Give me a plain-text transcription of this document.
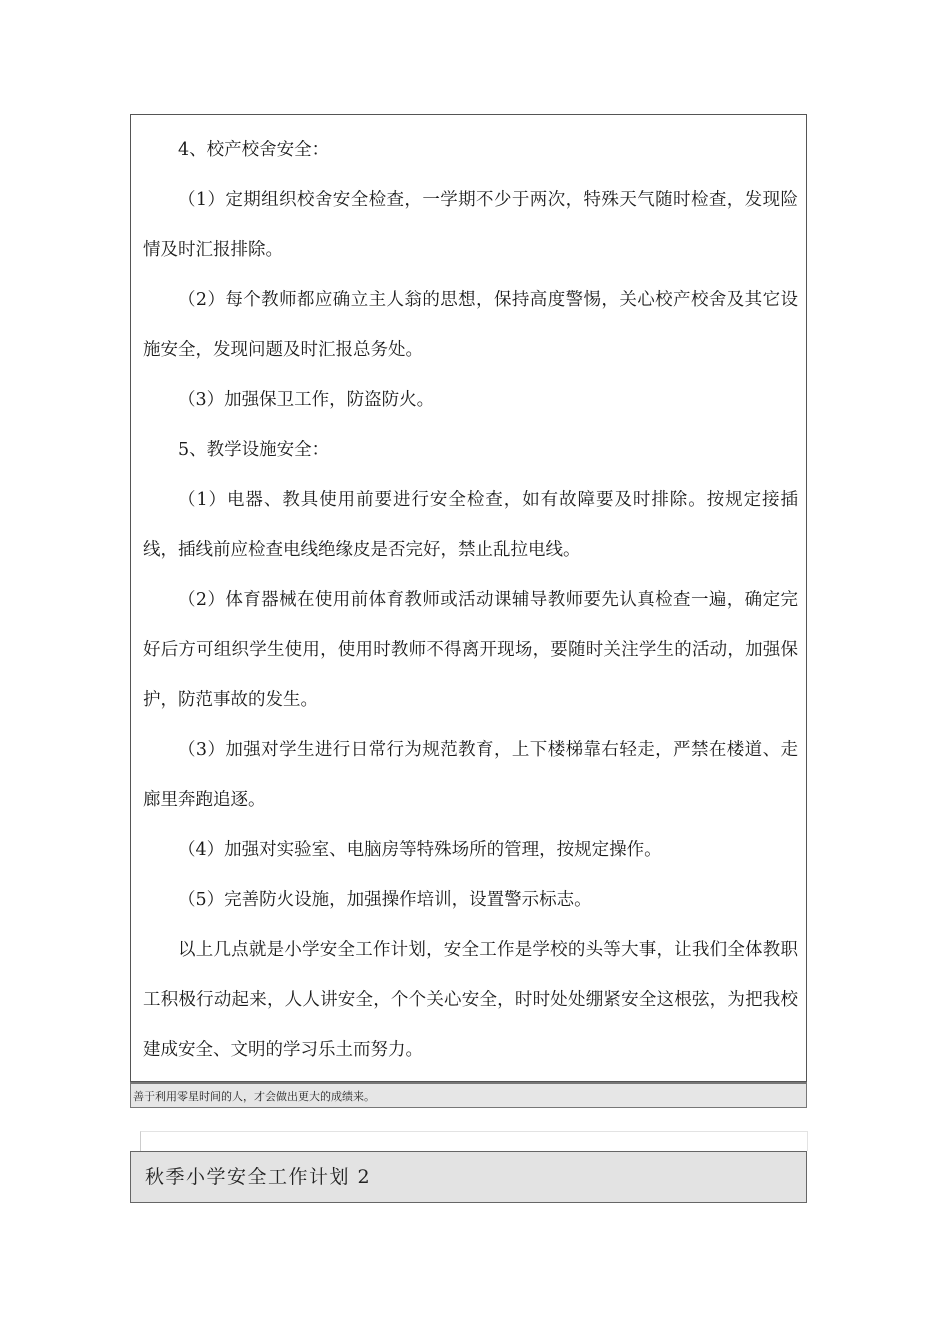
4、校产校舍安全：

（1）定期组织校舍安全检查，一学期不少于两次，特殊天气随时检查，发现险情及时汇报排除。

（2）每个教师都应确立主人翁的思想，保持高度警惕，关心校产校舍及其它设施安全，发现问题及时汇报总务处。

（3）加强保卫工作，防盗防火。

5、教学设施安全：

（1）电器、教具使用前要进行安全检查，如有故障要及时排除。按规定接插线，插线前应检查电线绝缘皮是否完好，禁止乱拉电线。

（2）体育器械在使用前体育教师或活动课辅导教师要先认真检查一遍，确定完好后方可组织学生使用，使用时教师不得离开现场，要随时关注学生的活动，加强保护，防范事故的发生。

（3）加强对学生进行日常行为规范教育，上下楼梯靠右轻走，严禁在楼道、走廊里奔跑追逐。

（4）加强对实验室、电脑房等特殊场所的管理，按规定操作。

（5）完善防火设施，加强操作培训，设置警示标志。

以上几点就是小学安全工作计划，安全工作是学校的头等大事，让我们全体教职工积极行动起来，人人讲安全，个个关心安全，时时处处绷紧安全这根弦，为把我校建成安全、文明的学习乐土而努力。

善于利用零星时间的人，才会做出更大的成绩来。
秋季小学安全工作计划 2
